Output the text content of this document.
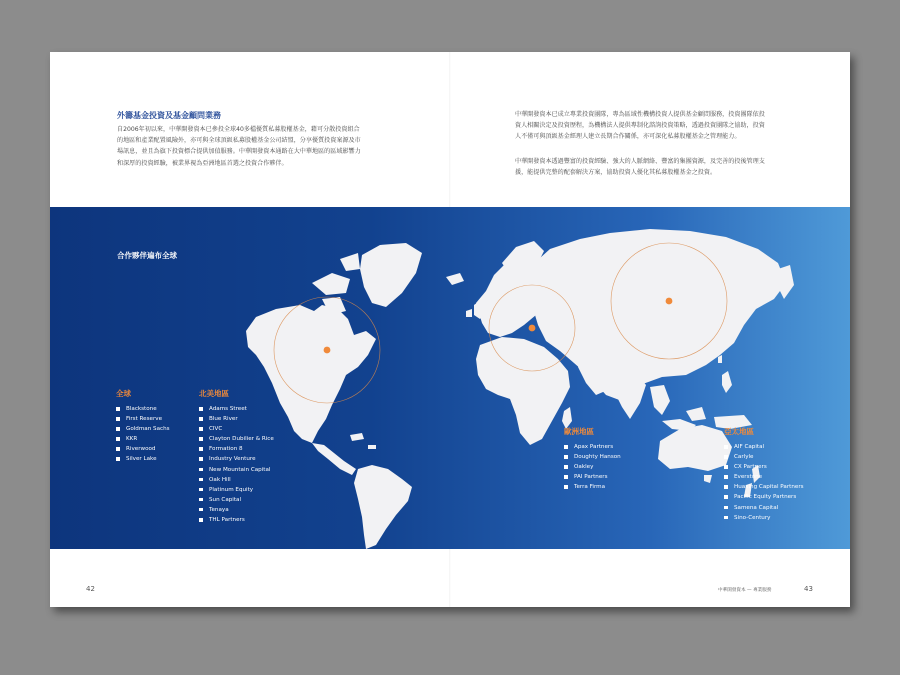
外籌基金投資及基金顧問業務

自2006年初以來，中華開發資本已參投全球40多檔優質私募股權基金，藉可分散投資組合的地區和產業配置風險外，亦可與全球頂級私募股權基金公司結盟，分享優質投資案源及市場訊息，並且為旗下投資標合提供加值服務。中華開發資本通路在大中華地區的區域影響力和深厚的投資經驗，被業界視為亞洲地區首選之投資合作夥伴。

中華開發資本已成立專業投資團隊，專為區域性機構投資人提供基金顧問服務，投資團隊依投資人相關決定及投資歷程，為機構法人提供專制化諮詢投資策略，透過投資團隊之協助，投資人不僅可與頂級基金經理人建立長期合作關係，亦可深化私募股權基金之管理能力。

中華開發資本透過豐富的投資經驗、強大的人脈網絡、豐富的集團資源，及完善的投後管理支援，能提供完整的配套解決方案，協助投資人優化其私募股權基金之投資。

合作夥伴遍布全球
全球
Blackstone
First Reserve
Goldman Sachs
KKR
Riverwood
Silver Lake
北美地區
Adams Street
Blue River
CIVC
Clayton Dubilier & Rice
Formation 8
Industry Venture
New Mountain Capital
Oak Hill
Platinum Equity
Sun Capital
Tenaya
THL Partners
歐洲地區
Apax Partners
Doughty Hanson
Oakley
PAI Partners
Terra Firma
亞太地區
AIF Capital
Carlyle
CX Partners
Everstone
Huaxing Capital Partners
Pacific Equity Partners
Samena Capital
Sino-Century
42	中華開發資本 — 專業服務	43
